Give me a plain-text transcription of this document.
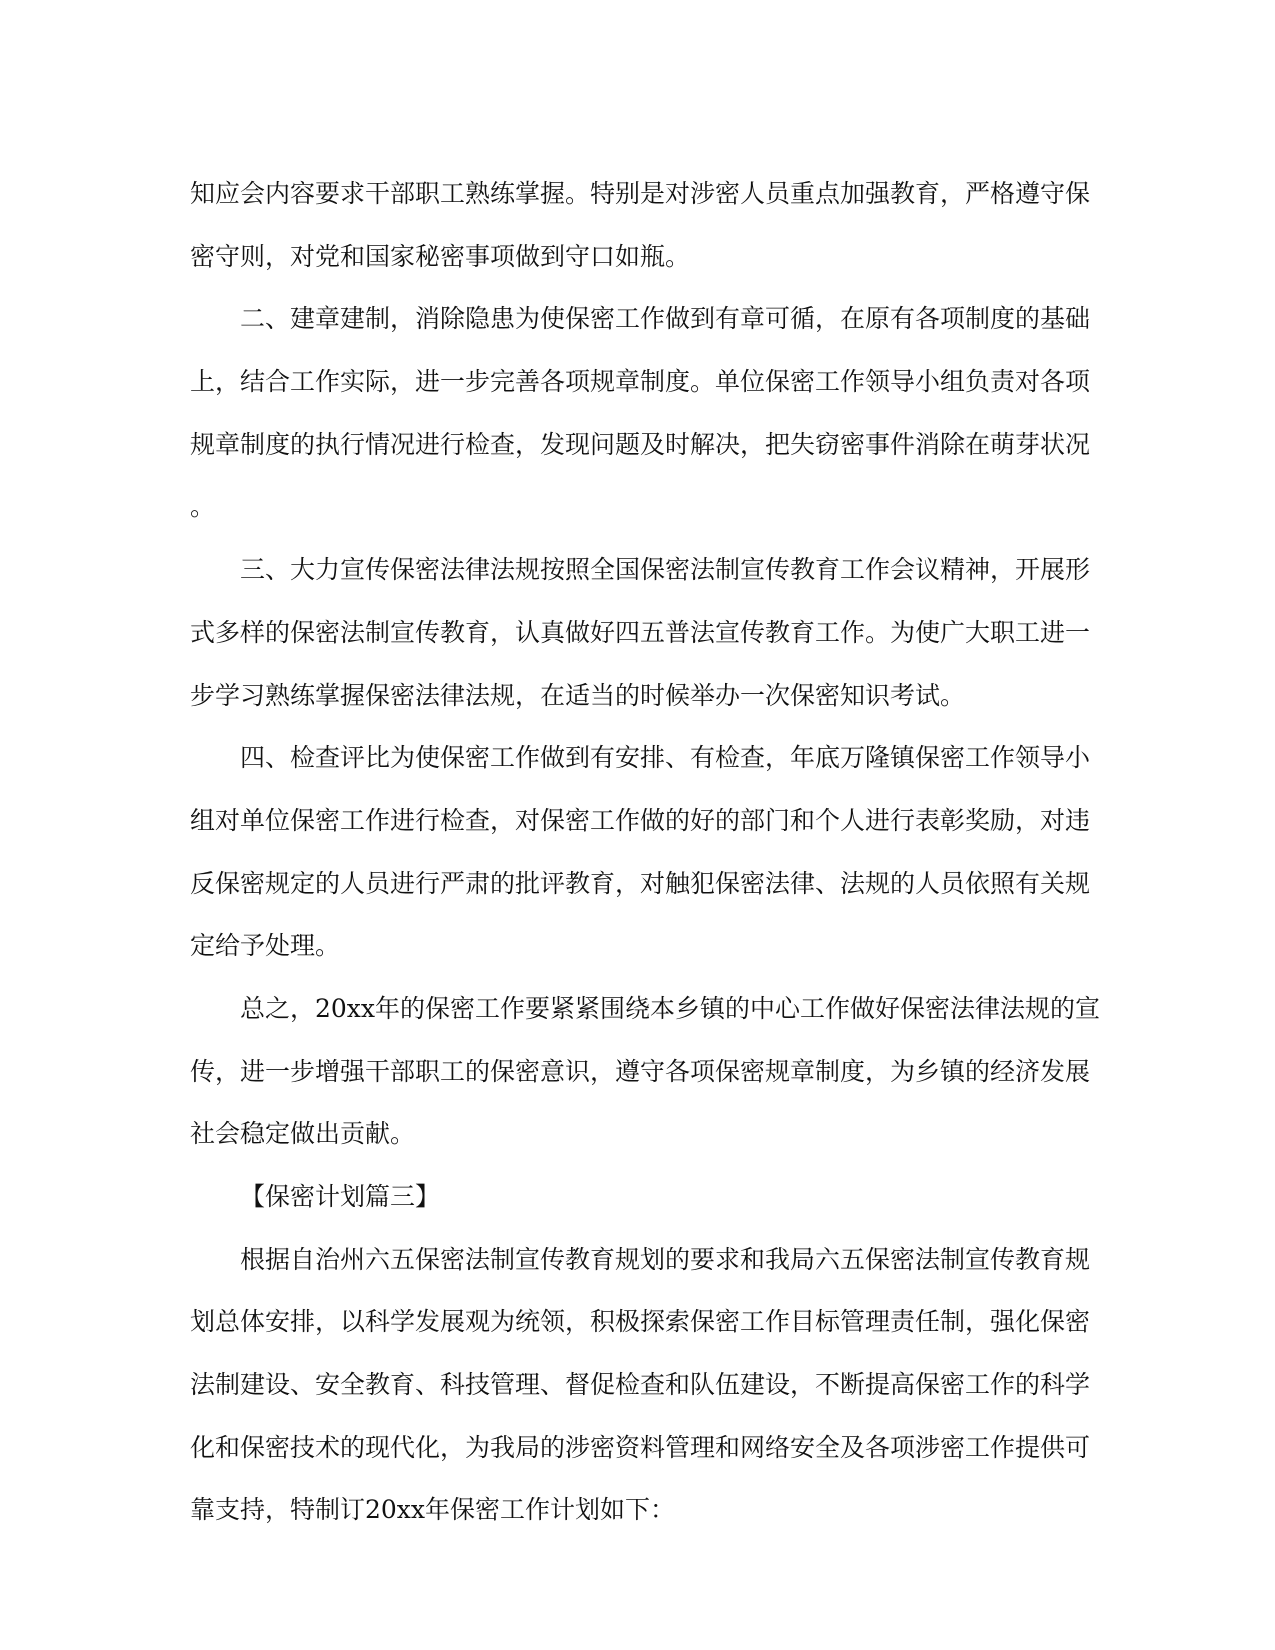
知应会内容要求干部职工熟练掌握。特别是对涉密人员重点加强教育，严格遵守保
密守则，对党和国家秘密事项做到守口如瓶。
二、建章建制，消除隐患为使保密工作做到有章可循，在原有各项制度的基础
上，结合工作实际，进一步完善各项规章制度。单位保密工作领导小组负责对各项
规章制度的执行情况进行检查，发现问题及时解决，把失窃密事件消除在萌芽状况
。
三、大力宣传保密法律法规按照全国保密法制宣传教育工作会议精神，开展形
式多样的保密法制宣传教育，认真做好四五普法宣传教育工作。为使广大职工进一
步学习熟练掌握保密法律法规，在适当的时候举办一次保密知识考试。
四、检查评比为使保密工作做到有安排、有检查，年底万隆镇保密工作领导小
组对单位保密工作进行检查，对保密工作做的好的部门和个人进行表彰奖励，对违
反保密规定的人员进行严肃的批评教育，对触犯保密法律、法规的人员依照有关规
定给予处理。
总之，20xx年的保密工作要紧紧围绕本乡镇的中心工作做好保密法律法规的宣
传，进一步增强干部职工的保密意识，遵守各项保密规章制度，为乡镇的经济发展
社会稳定做出贡献。
【保密计划篇三】
根据自治州六五保密法制宣传教育规划的要求和我局六五保密法制宣传教育规
划总体安排，以科学发展观为统领，积极探索保密工作目标管理责任制，强化保密
法制建设、安全教育、科技管理、督促检查和队伍建设，不断提高保密工作的科学
化和保密技术的现代化，为我局的涉密资料管理和网络安全及各项涉密工作提供可
靠支持，特制订20xx年保密工作计划如下：
